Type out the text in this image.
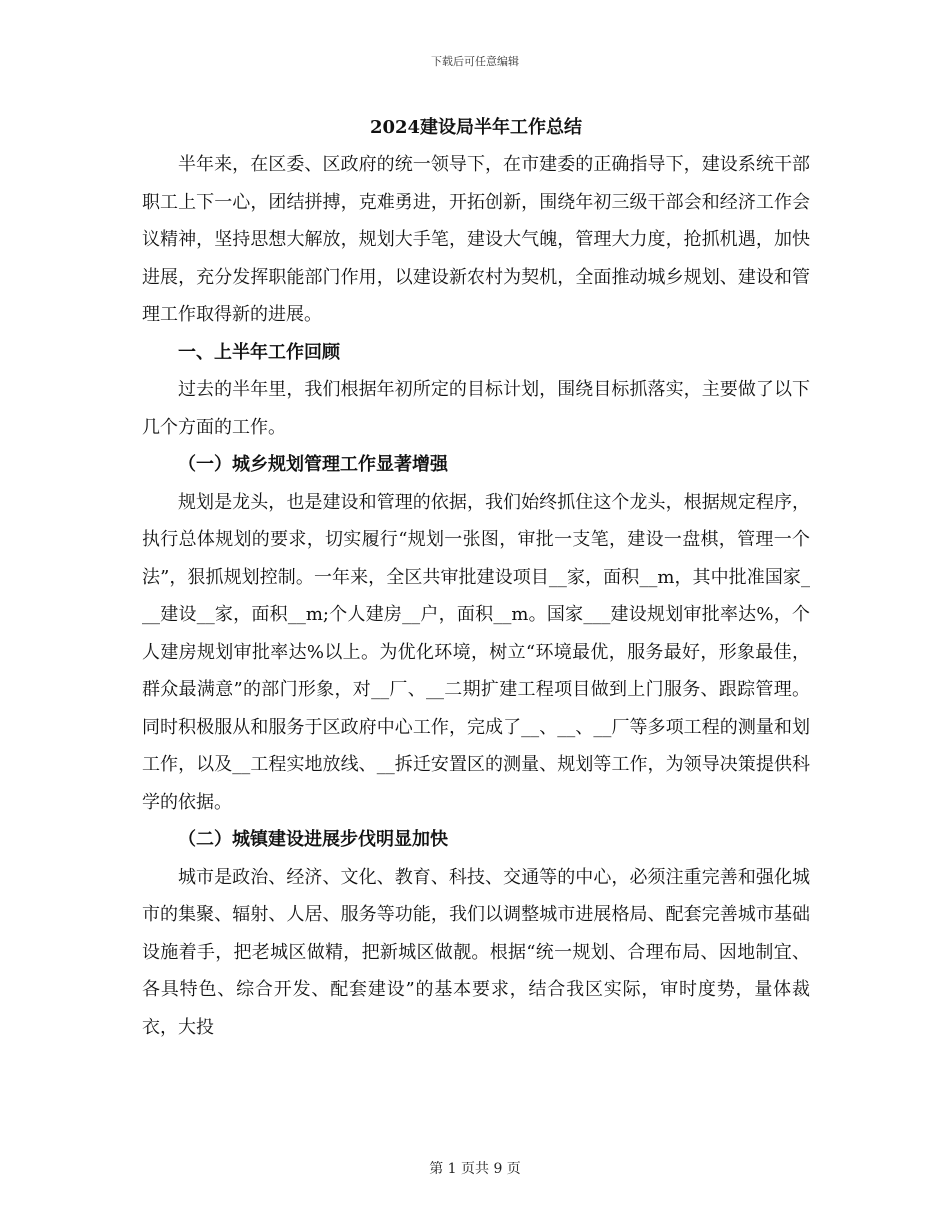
下载后可任意编辑
2024建设局半年工作总结

半年来，在区委、区政府的统一领导下，在市建委的正确指导下，建设系统干部职工上下一心，团结拼搏，克难勇进，开拓创新，围绕年初三级干部会和经济工作会议精神，坚持思想大解放，规划大手笔，建设大气魄，管理大力度，抢抓机遇，加快进展，充分发挥职能部门作用，以建设新农村为契机，全面推动城乡规划、建设和管理工作取得新的进展。

一、上半年工作回顾

过去的半年里，我们根据年初所定的目标计划，围绕目标抓落实，主要做了以下几个方面的工作。

（一）城乡规划管理工作显著增强

规划是龙头，也是建设和管理的依据，我们始终抓住这个龙头，根据规定程序，执行总体规划的要求，切实履行“规划一张图，审批一支笔，建设一盘棋，管理一个法”，狠抓规划控制。一年来，全区共审批建设项目__家，面积__m，其中批准国家___建设__家，面积__m;个人建房__户，面积__m。国家___建设规划审批率达%，个人建房规划审批率达%以上。为优化环境，树立“环境最优，服务最好，形象最佳，群众最满意”的部门形象，对__厂、__二期扩建工程项目做到上门服务、跟踪管理。同时积极服从和服务于区政府中心工作，完成了__、__、__厂等多项工程的测量和划工作，以及__工程实地放线、__拆迁安置区的测量、规划等工作，为领导决策提供科学的依据。

（二）城镇建设进展步伐明显加快

城市是政治、经济、文化、教育、科技、交通等的中心，必须注重完善和强化城市的集聚、辐射、人居、服务等功能，我们以调整城市进展格局、配套完善城市基础设施着手，把老城区做精，把新城区做靓。根据“统一规划、合理布局、因地制宜、各具特色、综合开发、配套建设”的基本要求，结合我区实际，审时度势，量体裁衣，大投

第 1 页共 9 页
